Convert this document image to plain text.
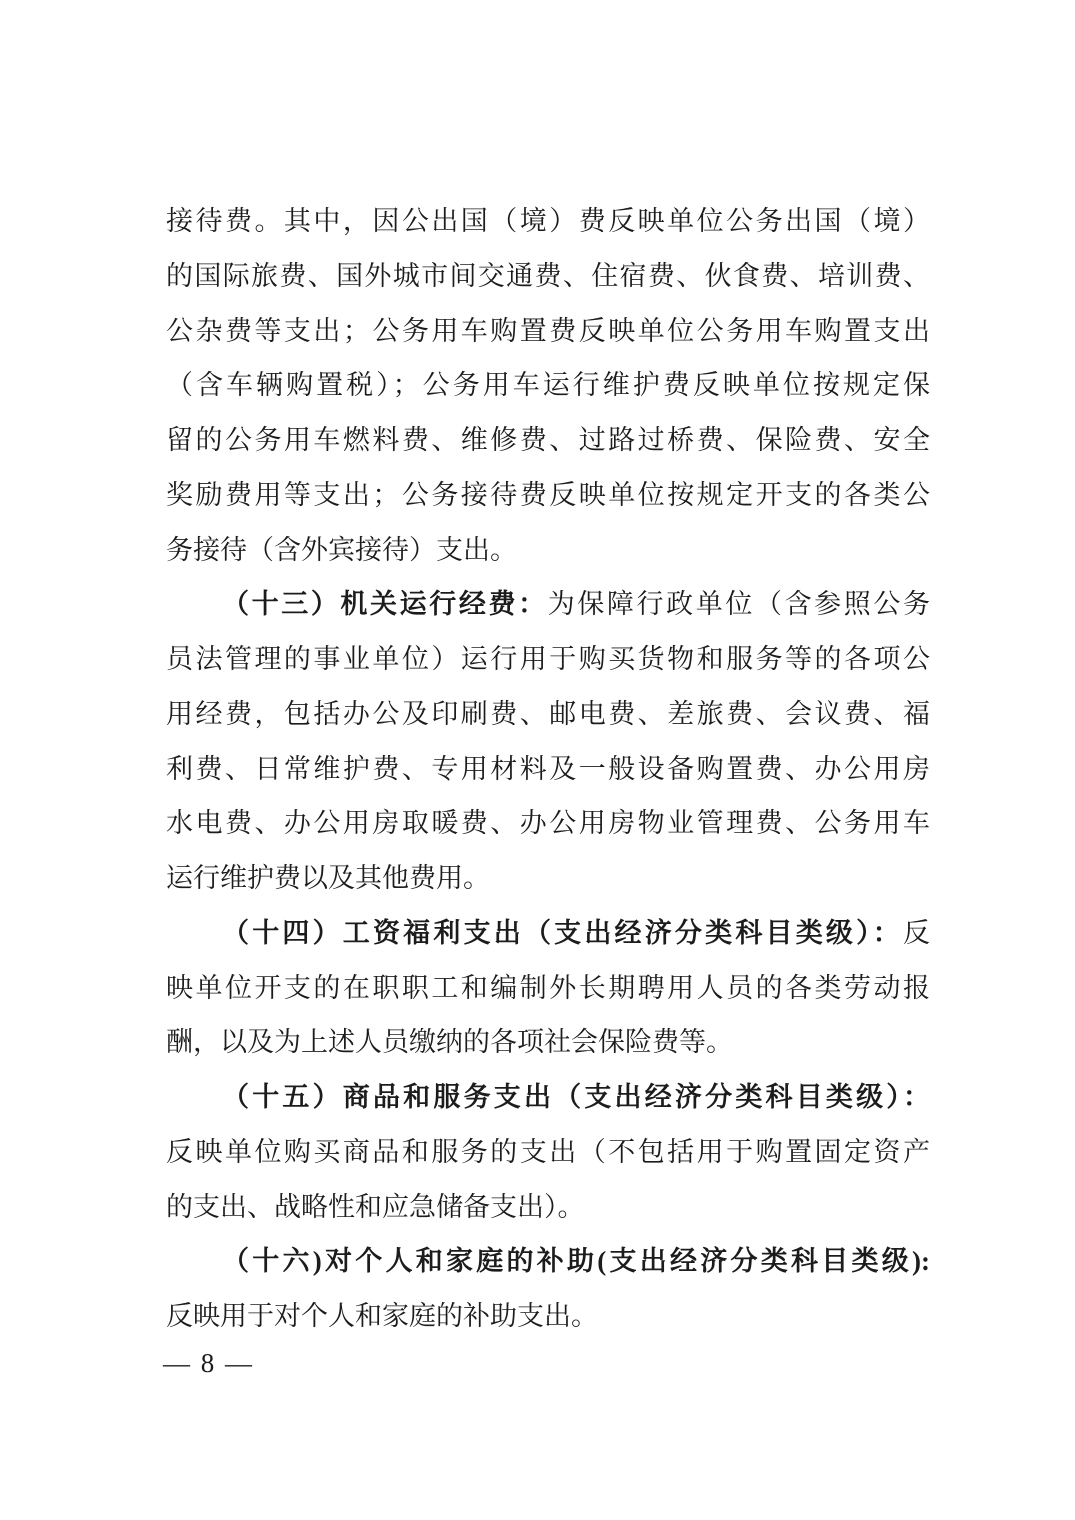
接待费。其中，因公出国（境）费反映单位公务出国（境）
的国际旅费、国外城市间交通费、住宿费、伙食费、培训费、
公杂费等支出；公务用车购置费反映单位公务用车购置支出
（含车辆购置税）；公务用车运行维护费反映单位按规定保
留的公务用车燃料费、维修费、过路过桥费、保险费、安全
奖励费用等支出；公务接待费反映单位按规定开支的各类公
务接待（含外宾接待）支出。
（十三）机关运行经费：为保障行政单位（含参照公务
员法管理的事业单位）运行用于购买货物和服务等的各项公
用经费，包括办公及印刷费、邮电费、差旅费、会议费、福
利费、日常维护费、专用材料及一般设备购置费、办公用房
水电费、办公用房取暖费、办公用房物业管理费、公务用车
运行维护费以及其他费用。
（十四）工资福利支出（支出经济分类科目类级）：反
映单位开支的在职职工和编制外长期聘用人员的各类劳动报
酬，以及为上述人员缴纳的各项社会保险费等。
（十五）商品和服务支出（支出经济分类科目类级）：
反映单位购买商品和服务的支出（不包括用于购置固定资产
的支出、战略性和应急储备支出）。
（十六)对个人和家庭的补助(支出经济分类科目类级):
反映用于对个人和家庭的补助支出。
— 8 —
